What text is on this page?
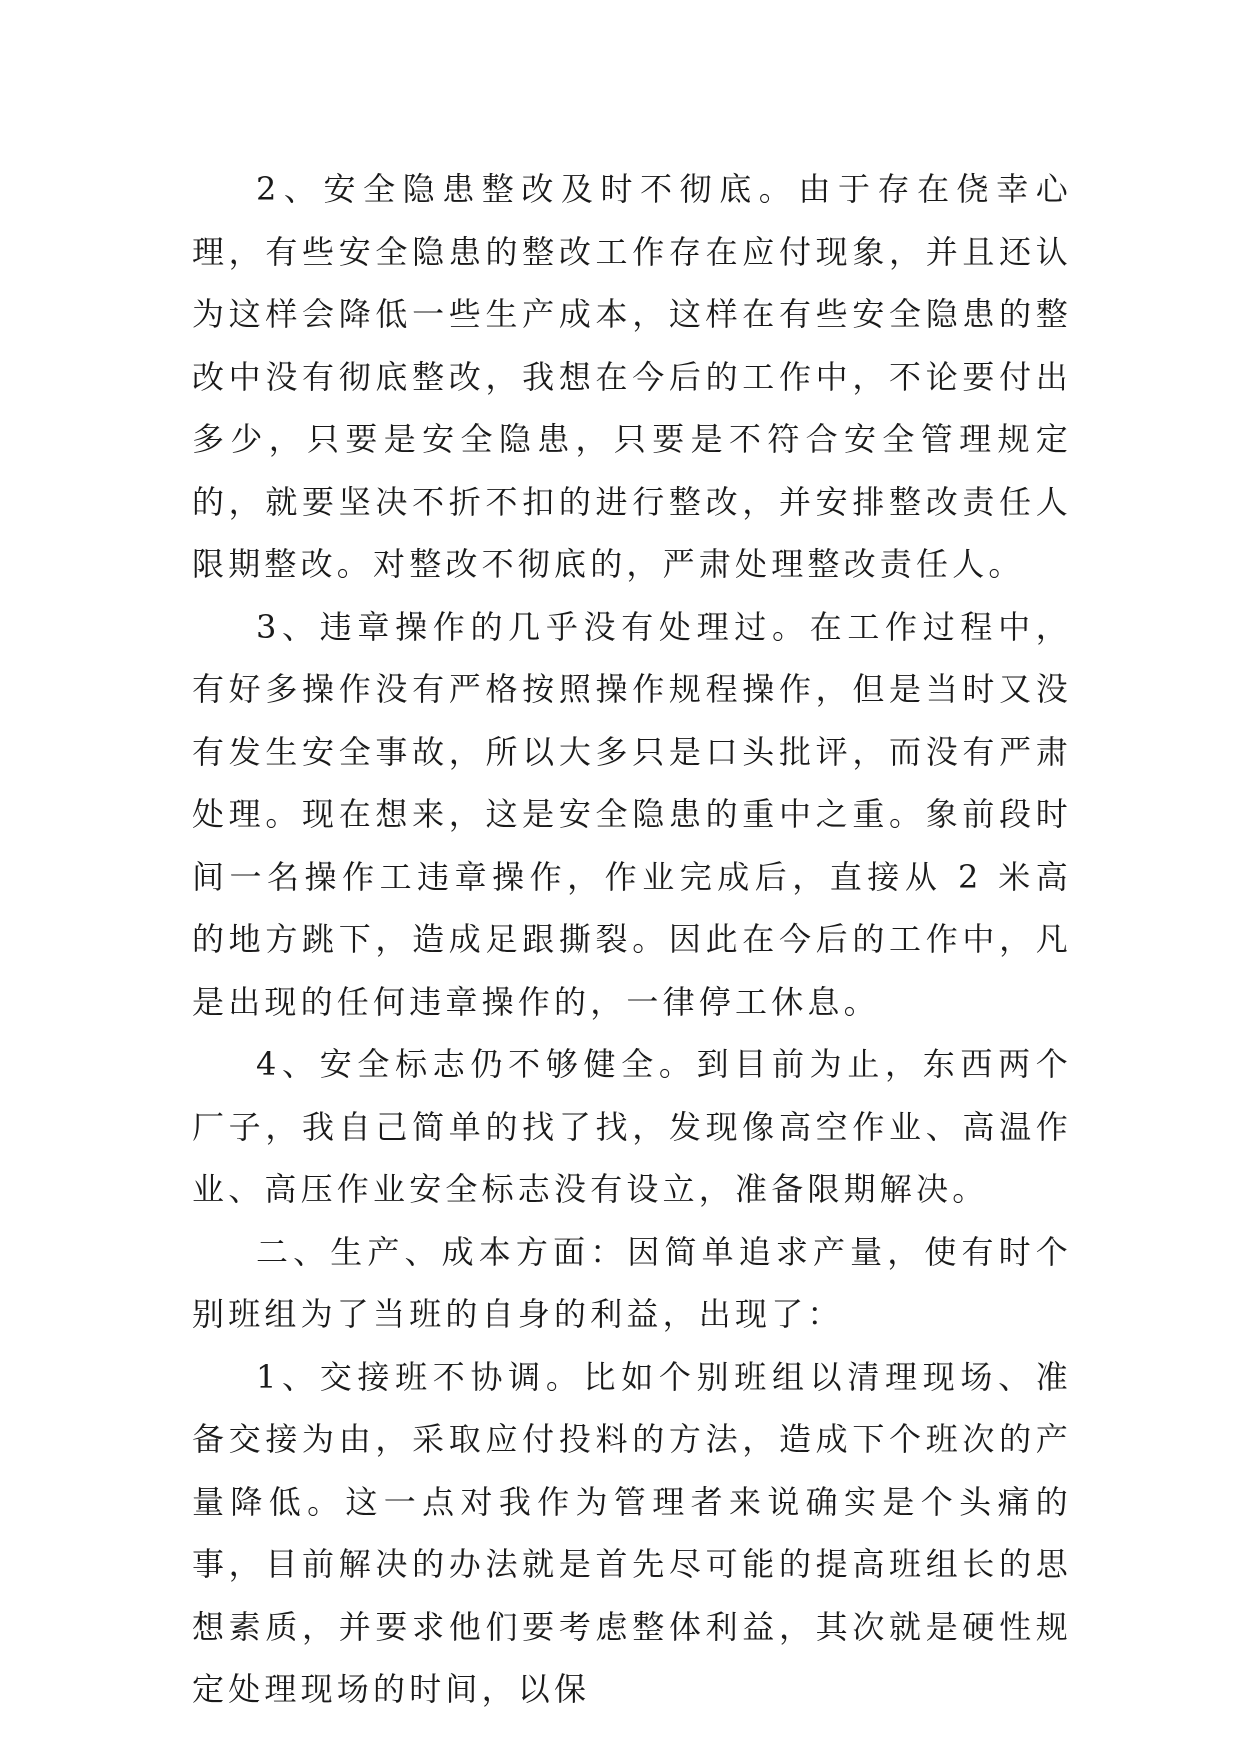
2、安全隐患整改及时不彻底。由于存在侥幸心理，有些安全隐患的整改工作存在应付现象，并且还认为这样会降低一些生产成本，这样在有些安全隐患的整改中没有彻底整改，我想在今后的工作中，不论要付出多少，只要是安全隐患，只要是不符合安全管理规定的，就要坚决不折不扣的进行整改，并安排整改责任人限期整改。对整改不彻底的，严肃处理整改责任人。

3、违章操作的几乎没有处理过。在工作过程中，有好多操作没有严格按照操作规程操作，但是当时又没有发生安全事故，所以大多只是口头批评，而没有严肃处理。现在想来，这是安全隐患的重中之重。象前段时间一名操作工违章操作，作业完成后，直接从 2 米高的地方跳下，造成足跟撕裂。因此在今后的工作中，凡是出现的任何违章操作的，一律停工休息。

4、安全标志仍不够健全。到目前为止，东西两个厂子，我自己简单的找了找，发现像高空作业、高温作业、高压作业安全标志没有设立，准备限期解决。

二、生产、成本方面：因简单追求产量，使有时个别班组为了当班的自身的利益，出现了：

1、交接班不协调。比如个别班组以清理现场、准备交接为由，采取应付投料的方法，造成下个班次的产量降低。这一点对我作为管理者来说确实是个头痛的事，目前解决的办法就是首先尽可能的提高班组长的思想素质，并要求他们要考虑整体利益，其次就是硬性规定处理现场的时间，以保
